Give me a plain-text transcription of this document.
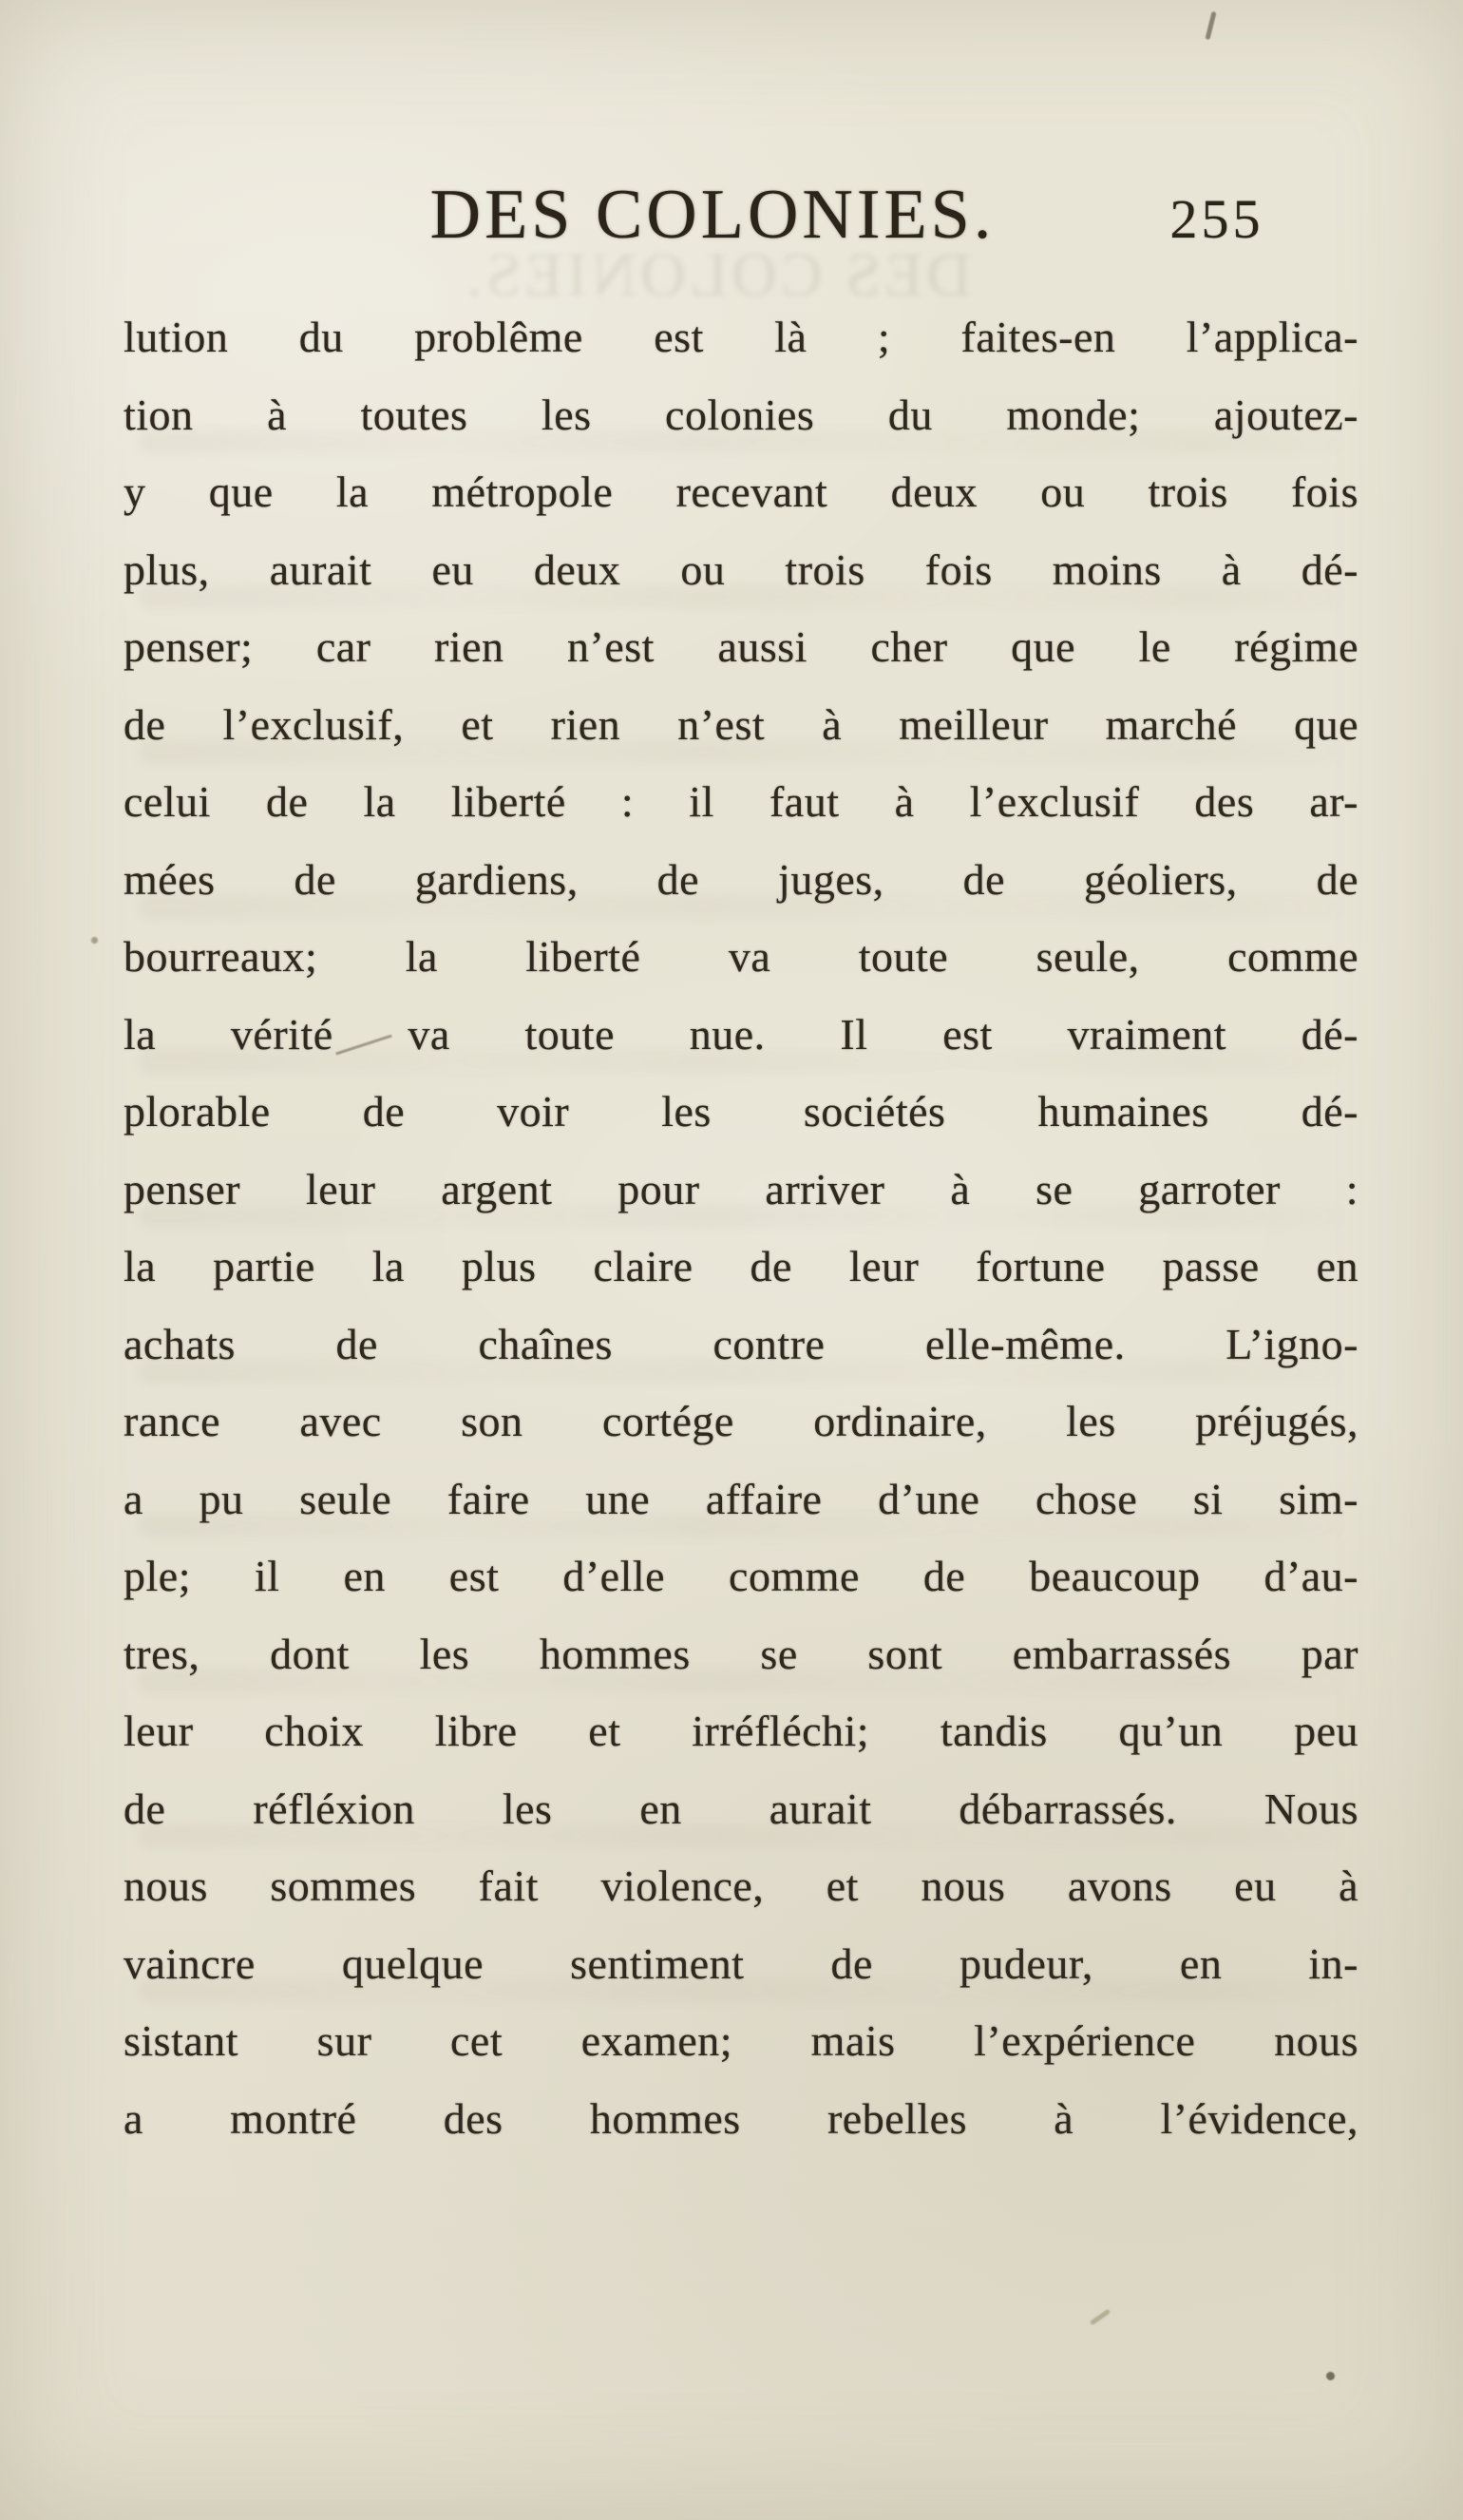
DES COLONIES.
DES COLONIES.	255
lution du problême est là ; faites-en l’applica-
tion à toutes les colonies du monde; ajoutez-
y que la métropole recevant deux ou trois fois
plus, aurait eu deux ou trois fois moins à dé-
penser; car rien n’est aussi cher que le régime
de l’exclusif, et rien n’est à meilleur marché que
celui de la liberté : il faut à l’exclusif des ar-
mées de gardiens, de juges, de géoliers, de
bourreaux; la liberté va toute seule, comme
la vérité va toute nue. Il est vraiment dé-
plorable de voir les sociétés humaines dé-
penser leur argent pour arriver à se garroter :
la partie la plus claire de leur fortune passe en
achats de chaînes contre elle-même. L’igno-
rance avec son cortége ordinaire, les préjugés,
a pu seule faire une affaire d’une chose si sim-
ple; il en est d’elle comme de beaucoup d’au-
tres, dont les hommes se sont embarrassés par
leur choix libre et irréfléchi; tandis qu’un peu
de réfléxion les en aurait débarrassés. Nous
nous sommes fait violence, et nous avons eu à
vaincre quelque sentiment de pudeur, en in-
sistant sur cet examen; mais l’expérience nous
a montré des hommes rebelles à l’évidence,
